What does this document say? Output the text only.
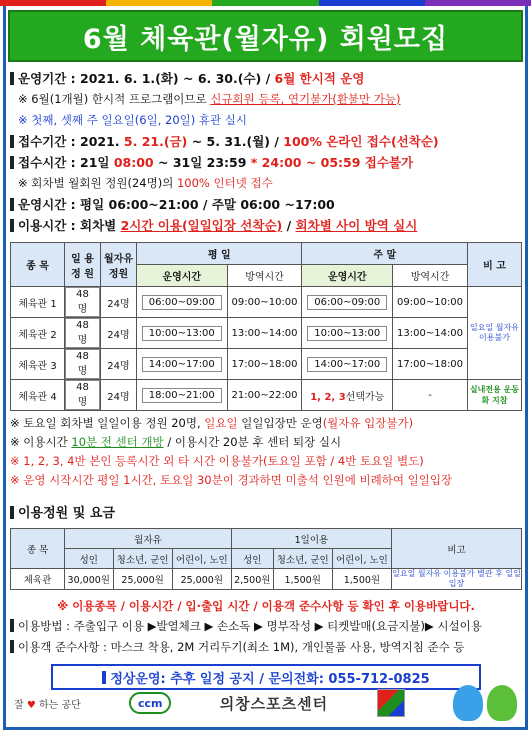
6월 체육관(월자유) 회원모집
운영기간 : 2021. 6. 1.(화) ~ 6. 30.(수) / 6월 한시적 운영
※ 6월(1개월) 한시적 프로그램이므로 신규회원 등록, 연기불가(환불만 가능)
※ 첫째, 셋째 주 일요일(6일, 20일) 휴관 실시
접수기간 : 2021. 5. 21.(금) ~ 5. 31.(월) / 100% 온라인 접수(선착순)
접수시간 : 21일 08:00 ~ 31일 23:59 * 24:00 ~ 05:59 접수불가
※ 회차별 월회원 정원(24명)의 100% 인터넷 접수
운영시간 : 평일 06:00~21:00 / 주말 06:00 ~17:00
이용시간 : 회차별 2시간 이용(일일입장 선착순) / 회차별 사이 방역 실시
종 목	일 용 정 원	월자유 정원	평 일		주 말		비 고
			운영시간	방역시간	운영시간	방역시간	
체육관 1	48명	24명	06:00~09:00	09:00~10:00	06:00~09:00	09:00~10:00	일요일 월자유 이용불가
체육관 2	48명	24명	10:00~13:00	13:00~14:00	10:00~13:00	13:00~14:00	
체육관 3	48명	24명	14:00~17:00	17:00~18:00	14:00~17:00	17:00~18:00	
체육관 4	48명	24명	18:00~21:00	21:00~22:00	1, 2, 3선택가능	-	실내전용 운동화 지참
※ 토요일 회차별 일일이용 정원 20명, 일요일 일일입장만 운영(월자유 입장불가)
※ 이용시간 10분 전 센터 개방 / 이용시간 20분 후 센터 퇴장 실시
※ 1, 2, 3, 4반 본인 등록시간 외 타 시간 이용불가(토요일 포함 / 4반 토요일 별도)
※ 운영 시작시간 평일 1시간, 토요일 30분이 경과하면 미출석 인원에 비례하여 일일입장
이용정원 및 요금
종 목	월자유			1일이용			비고
	성인	청소년, 군인	어린이, 노인	성인	청소년, 군인	어린이, 노인	
체육관	30,000원	25,000원	25,000원	2,500원	1,500원	1,500원	일요일 월자유 이용불가 별관 후 일일입장
※ 이용종목 / 이용시간 / 입·출입 시간 / 이용객 준수사항 등 확인 후 이용바랍니다.
이용방법 : 주출입구 이용 ▶발열체크 ▶ 손소독 ▶ 명부작성 ▶ 티켓발매(요금지불)▶ 시설이용
이용객 준수사항 : 마스크 착용, 2M 거리두기(최소 1M), 개인물품 사용, 방역지침 준수 등
정상운영: 추후 일정 공지 / 문의전화: 055-712-0825
잘 ♥ 하는 공단	ccm	의창스포츠센터
